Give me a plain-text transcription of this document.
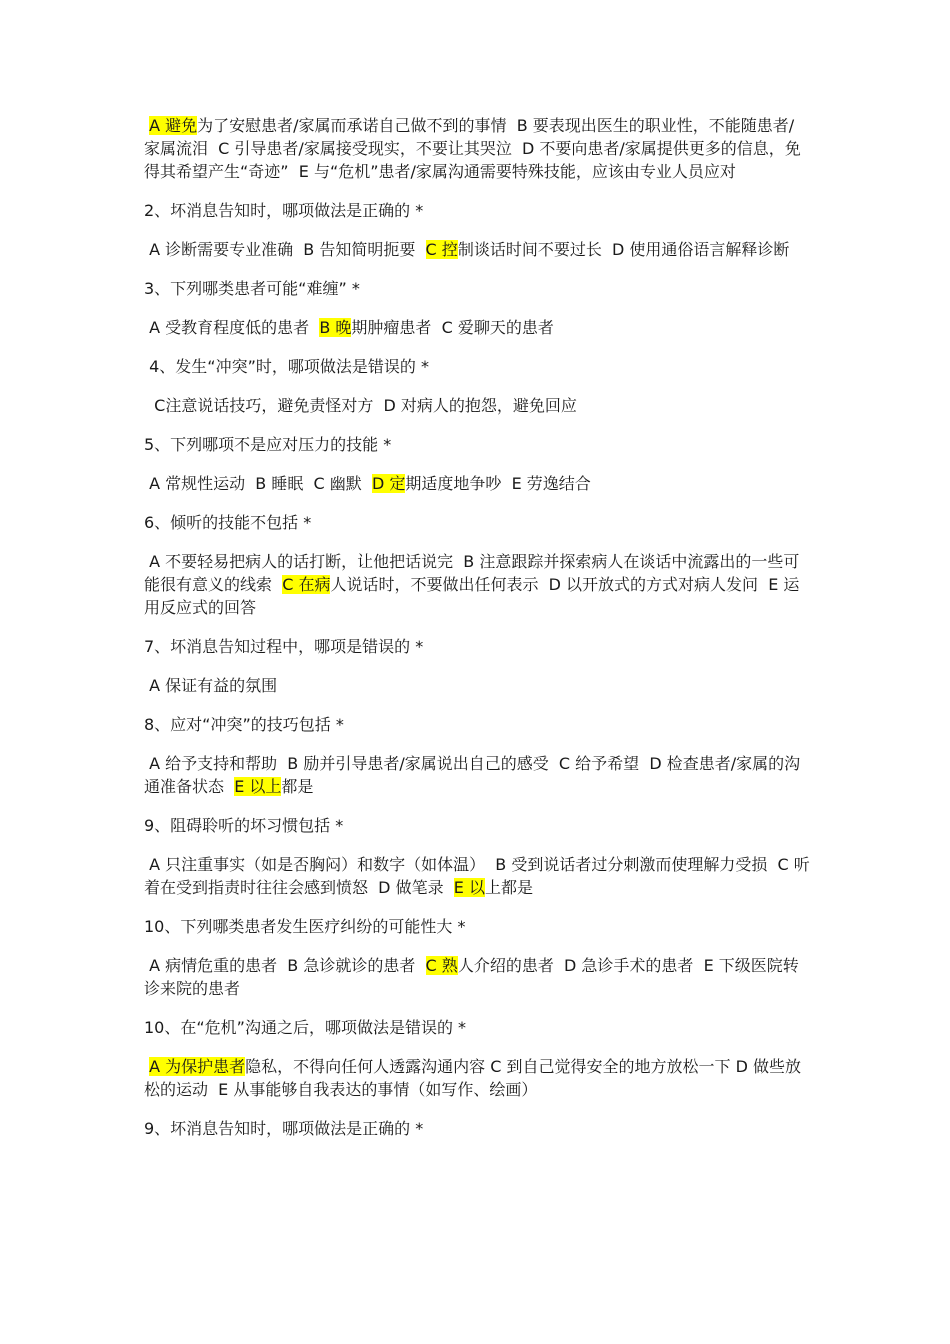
A 避免为了安慰患者/家属而承诺自己做不到的事情  B 要表现出医生的职业性，不能随患者/家属流泪  C 引导患者/家属接受现实，不要让其哭泣  D 不要向患者/家属提供更多的信息，免得其希望产生“奇迹”  E 与“危机”患者/家属沟通需要特殊技能，应该由专业人员应对

2、坏消息告知时，哪项做法是正确的 *

A 诊断需要专业准确  B 告知简明扼要  C 控制谈话时间不要过长  D 使用通俗语言解释诊断

3、下列哪类患者可能“难缠” *

A 受教育程度低的患者  B 晚期肿瘤患者  C 爱聊天的患者

4、发生“冲突”时，哪项做法是错误的 *

C注意说话技巧，避免责怪对方  D 对病人的抱怨，避免回应

5、下列哪项不是应对压力的技能 *

A 常规性运动  B 睡眠  C 幽默  D 定期适度地争吵  E 劳逸结合

6、倾听的技能不包括 *

A 不要轻易把病人的话打断，让他把话说完  B 注意跟踪并探索病人在谈话中流露出的一些可能很有意义的线索  C 在病人说话时，不要做出任何表示  D 以开放式的方式对病人发问  E 运用反应式的回答

7、坏消息告知过程中，哪项是错误的 *

A 保证有益的氛围

8、应对“冲突”的技巧包括 *

A 给予支持和帮助  B 励并引导患者/家属说出自己的感受  C 给予希望  D 检查患者/家属的沟通准备状态  E 以上都是

9、阻碍聆听的坏习惯包括 *

A 只注重事实（如是否胸闷）和数字（如体温）  B 受到说话者过分刺激而使理解力受损  C 听着在受到指责时往往会感到愤怒  D 做笔录  E 以上都是

10、下列哪类患者发生医疗纠纷的可能性大 *

A 病情危重的患者  B 急诊就诊的患者  C 熟人介绍的患者  D 急诊手术的患者  E 下级医院转诊来院的患者

10、在“危机”沟通之后，哪项做法是错误的 *

A 为保护患者隐私，不得向任何人透露沟通内容 C 到自己觉得安全的地方放松一下 D 做些放松的运动  E 从事能够自我表达的事情（如写作、绘画）

9、坏消息告知时，哪项做法是正确的 *
